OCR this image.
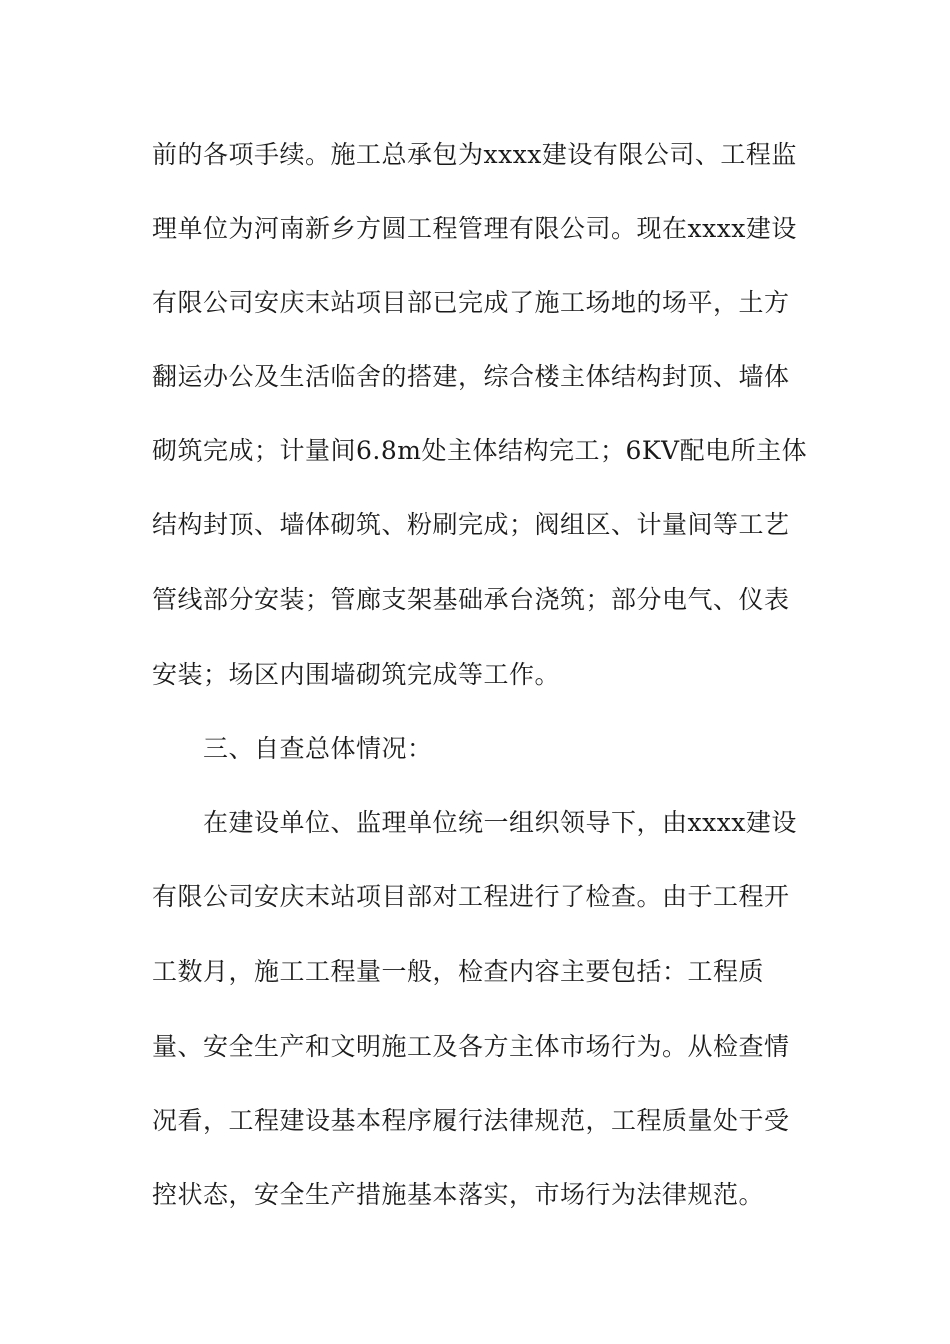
前的各项手续。施工总承包为xxxx建设有限公司、工程监
理单位为河南新乡方圆工程管理有限公司。现在xxxx建设
有限公司安庆末站项目部已完成了施工场地的场平，土方
翻运办公及生活临舍的搭建，综合楼主体结构封顶、墙体
砌筑完成；计量间6.8m处主体结构完工；6KV配电所主体
结构封顶、墙体砌筑、粉刷完成；阀组区、计量间等工艺
管线部分安装；管廊支架基础承台浇筑；部分电气、仪表
安装；场区内围墙砌筑完成等工作。
三、自查总体情况：
在建设单位、监理单位统一组织领导下，由xxxx建设
有限公司安庆末站项目部对工程进行了检查。由于工程开
工数月，施工工程量一般，检查内容主要包括：工程质
量、安全生产和文明施工及各方主体市场行为。从检查情
况看，工程建设基本程序履行法律规范，工程质量处于受
控状态，安全生产措施基本落实，市场行为法律规范。
